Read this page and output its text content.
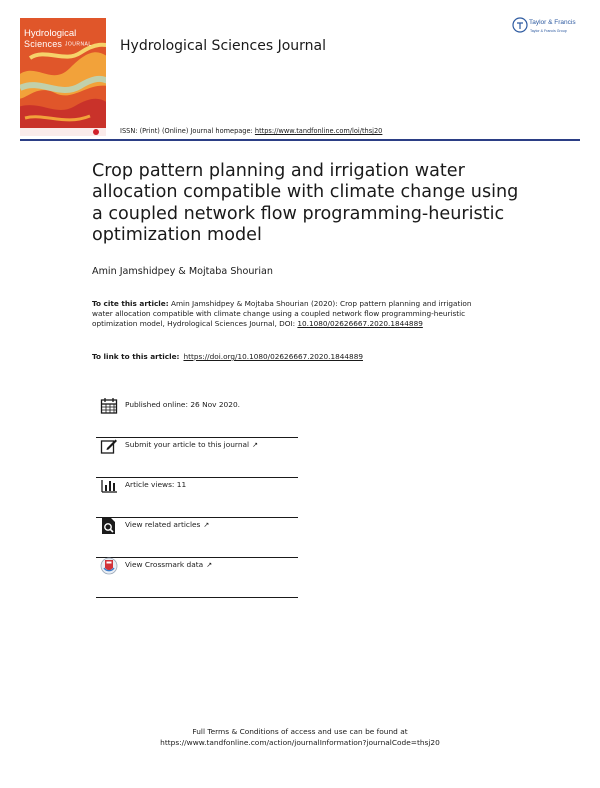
Hydrological
Sciences JOURNAL Hydrological Sciences Journal
ISSN: (Print) (Online) Journal homepage: https://www.tandfonline.com/loi/thsj20
Taylor & Francis
Taylor & Francis Group
Crop pattern planning and irrigation water allocation compatible with climate change using a coupled network flow programming-heuristic optimization model
Amin Jamshidpey & Mojtaba Shourian
To cite this article: Amin Jamshidpey & Mojtaba Shourian (2020): Crop pattern planning and irrigation water allocation compatible with climate change using a coupled network flow programming-heuristic optimization model, Hydrological Sciences Journal, DOI: 10.1080/02626667.2020.1844889
To link to this article: https://doi.org/10.1080/02626667.2020.1844889
Published online: 26 Nov 2020.
Submit your article to this journal ↗
Article views: 11
View related articles ↗
View Crossmark data ↗
Full Terms & Conditions of access and use can be found at
https://www.tandfonline.com/action/journalInformation?journalCode=thsj20
